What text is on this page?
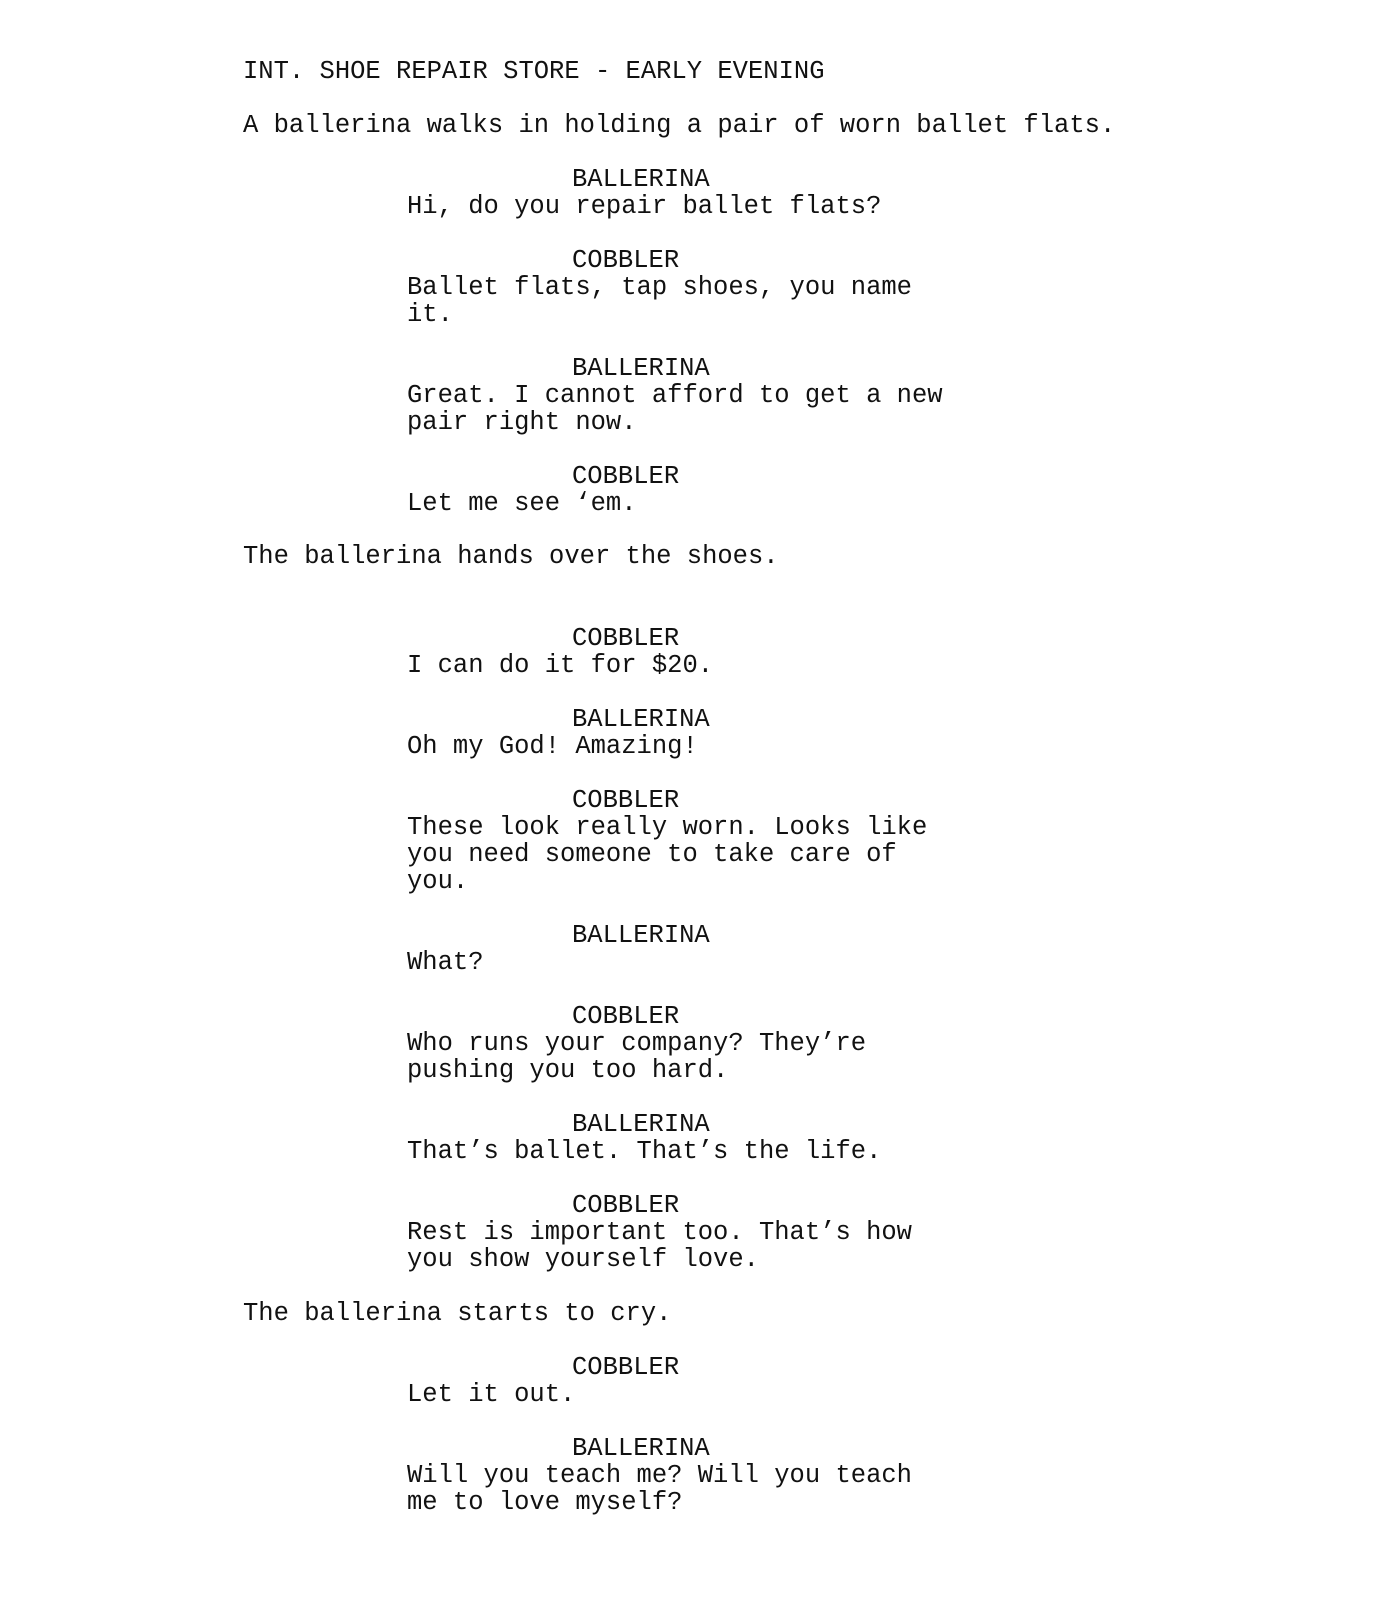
INT. SHOE REPAIR STORE - EARLY EVENING
A ballerina walks in holding a pair of worn ballet flats.
BALLERINA
Hi, do you repair ballet flats?
COBBLER
Ballet flats, tap shoes, you name
it.
BALLERINA
Great. I cannot afford to get a new
pair right now.
COBBLER
Let me see ‘em.
The ballerina hands over the shoes.
COBBLER
I can do it for $20.
BALLERINA
Oh my God! Amazing!
COBBLER
These look really worn. Looks like
you need someone to take care of
you.
BALLERINA
What?
COBBLER
Who runs your company? They’re
pushing you too hard.
BALLERINA
That’s ballet. That’s the life.
COBBLER
Rest is important too. That’s how
you show yourself love.
The ballerina starts to cry.
COBBLER
Let it out.
BALLERINA
Will you teach me? Will you teach
me to love myself?
